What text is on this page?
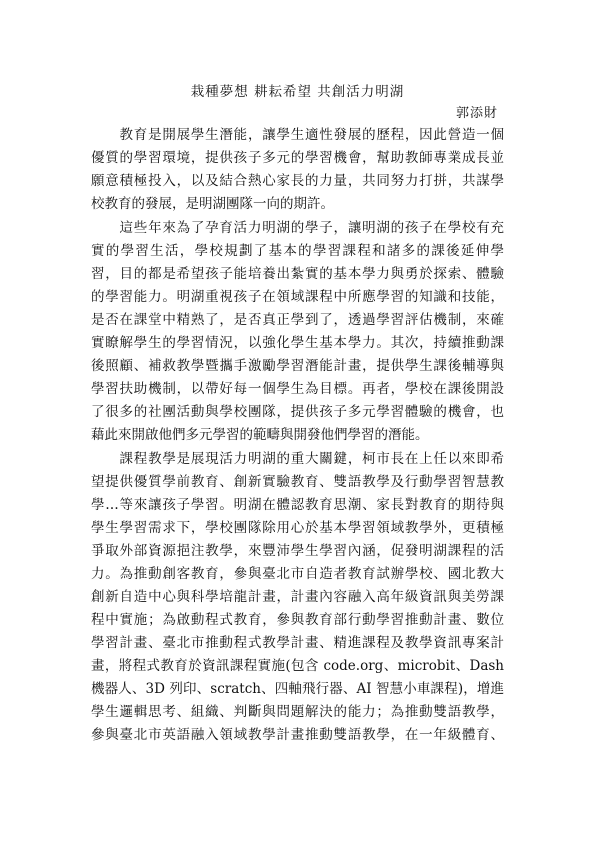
栽種夢想 耕耘希望 共創活力明湖
郭添財
　　教育是開展學生潛能，讓學生適性發展的歷程，因此營造一個
優質的學習環境，提供孩子多元的學習機會，幫助教師專業成長並
願意積極投入，以及結合熱心家長的力量，共同努力打拼，共謀學
校教育的發展，是明湖團隊一向的期許。
　　這些年來為了孕育活力明湖的學子，讓明湖的孩子在學校有充
實的學習生活，學校規劃了基本的學習課程和諸多的課後延伸學
習，目的都是希望孩子能培養出紮實的基本學力與勇於探索、體驗
的學習能力。明湖重視孩子在領域課程中所應學習的知識和技能，
是否在課堂中精熟了，是否真正學到了，透過學習評估機制，來確
實瞭解學生的學習情況，以強化學生基本學力。其次，持續推動課
後照顧、補救教學暨攜手激勵學習潛能計畫，提供學生課後輔導與
學習扶助機制，以帶好每一個學生為目標。再者，學校在課後開設
了很多的社團活動與學校團隊，提供孩子多元學習體驗的機會，也
藉此來開啟他們多元學習的範疇與開發他們學習的潛能。
　　課程教學是展現活力明湖的重大關鍵，柯市長在上任以來即希
望提供優質學前教育、創新實驗教育、雙語教學及行動學習智慧教
學…等來讓孩子學習。明湖在體認教育思潮、家長對教育的期待與
學生學習需求下，學校團隊除用心於基本學習領域教學外，更積極
爭取外部資源挹注教學，來豐沛學生學習內涵，促發明湖課程的活
力。為推動創客教育，參與臺北市自造者教育試辦學校、國北教大
創新自造中心與科學培龍計畫，計畫內容融入高年級資訊與美勞課
程中實施；為啟動程式教育，參與教育部行動學習推動計畫、數位
學習計畫、臺北市推動程式教學計畫、精進課程及教學資訊專案計
畫，將程式教育於資訊課程實施(包含 code.org、microbit、Dash
機器人、3D 列印、scratch、四軸飛行器、AI 智慧小車課程)，增進
學生邏輯思考、組織、判斷與問題解決的能力；為推動雙語教學，
參與臺北市英語融入領域教學計畫推動雙語教學，在一年級體育、
